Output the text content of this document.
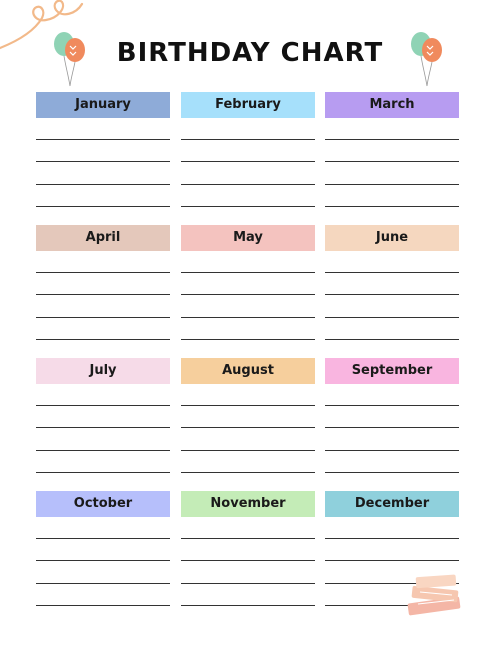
BIRTHDAY CHART
January	February	March
April	May	June
July	August	September
October	November	December
